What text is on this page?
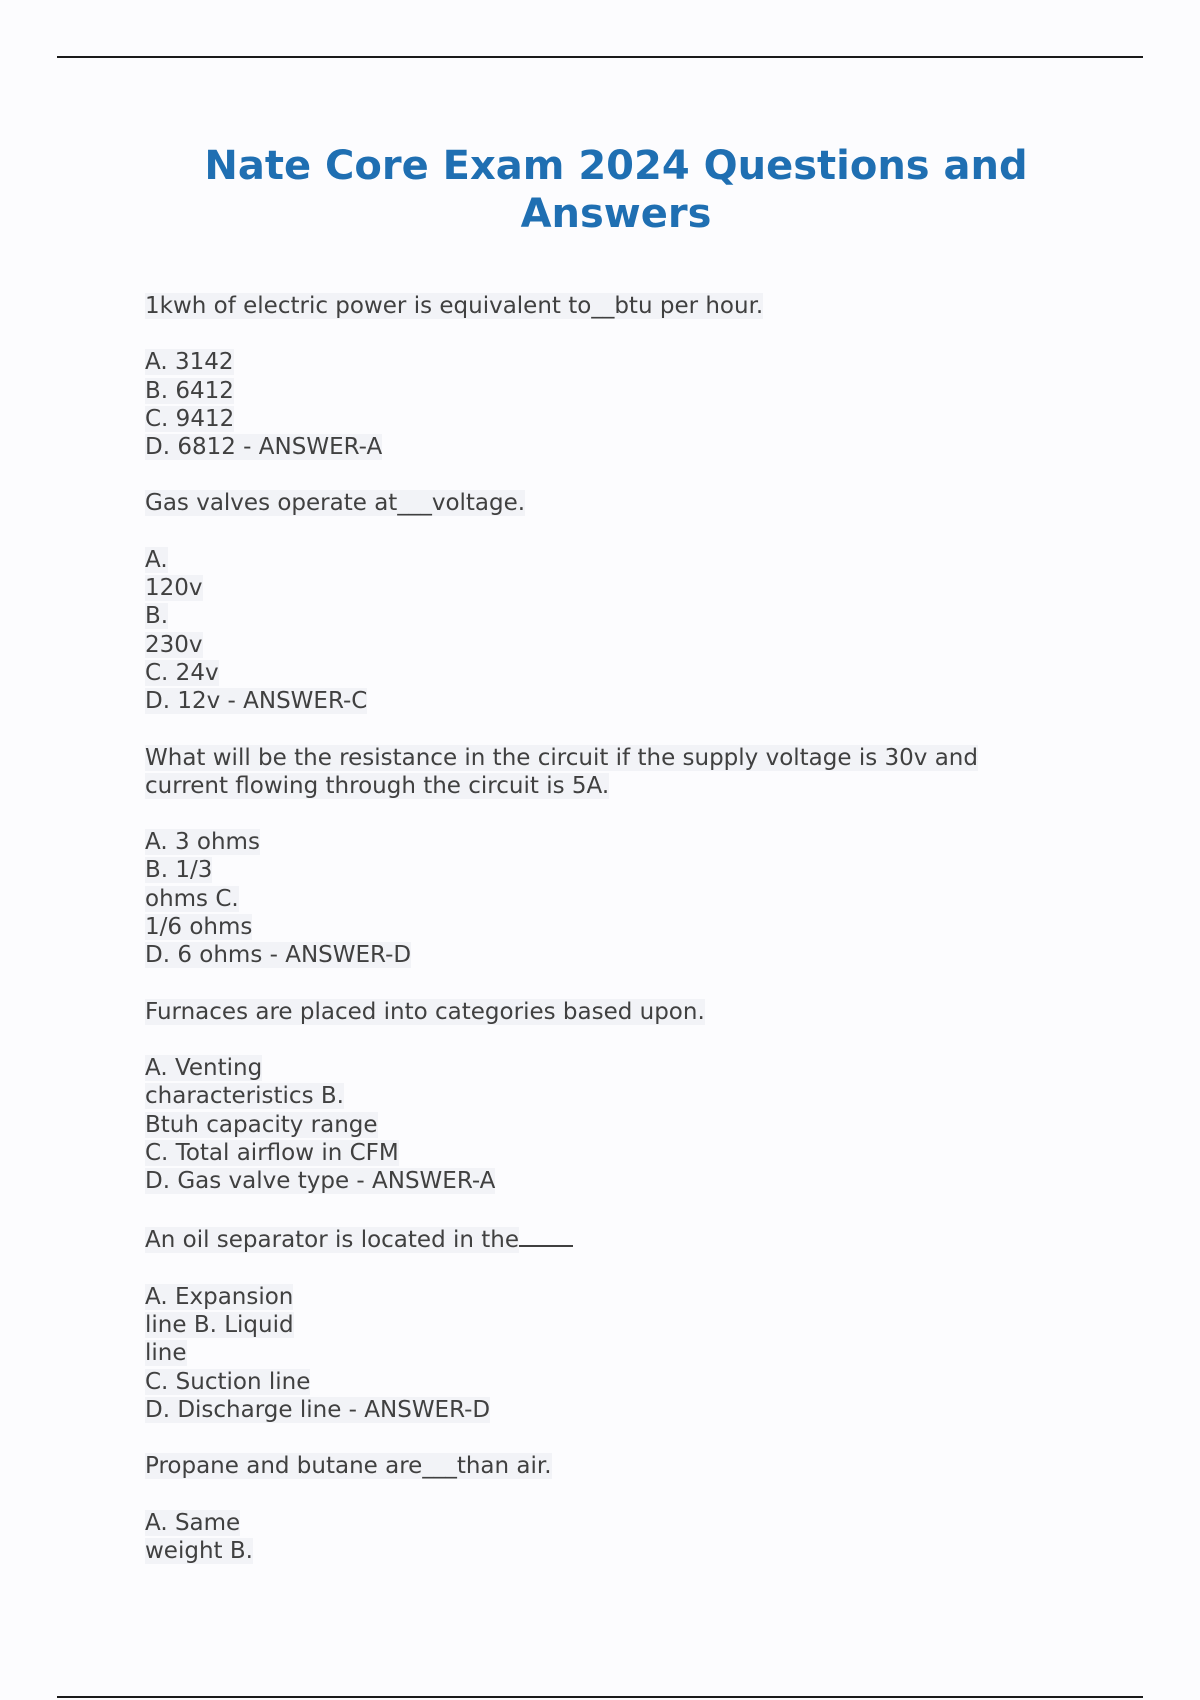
Nate Core Exam 2024 Questions and
Answers

1kwh of electric power is equivalent to__btu per hour.

A. 3142
B. 6412
C. 9412
D. 6812 - ANSWER-A

Gas valves operate at___voltage.

A.
120v
B.
230v
C. 24v
D. 12v - ANSWER-C

What will be the resistance in the circuit if the supply voltage is 30v and
current flowing through the circuit is 5A.

A. 3 ohms
B. 1/3
ohms C.
1/6 ohms
D. 6 ohms - ANSWER-D

Furnaces are placed into categories based upon.

A. Venting
characteristics B.
Btuh capacity range
C. Total airflow in CFM
D. Gas valve type - ANSWER-A

An oil separator is located in the

A. Expansion
line B. Liquid
line
C. Suction line
D. Discharge line - ANSWER-D

Propane and butane are___than air.

A. Same
weight B.
